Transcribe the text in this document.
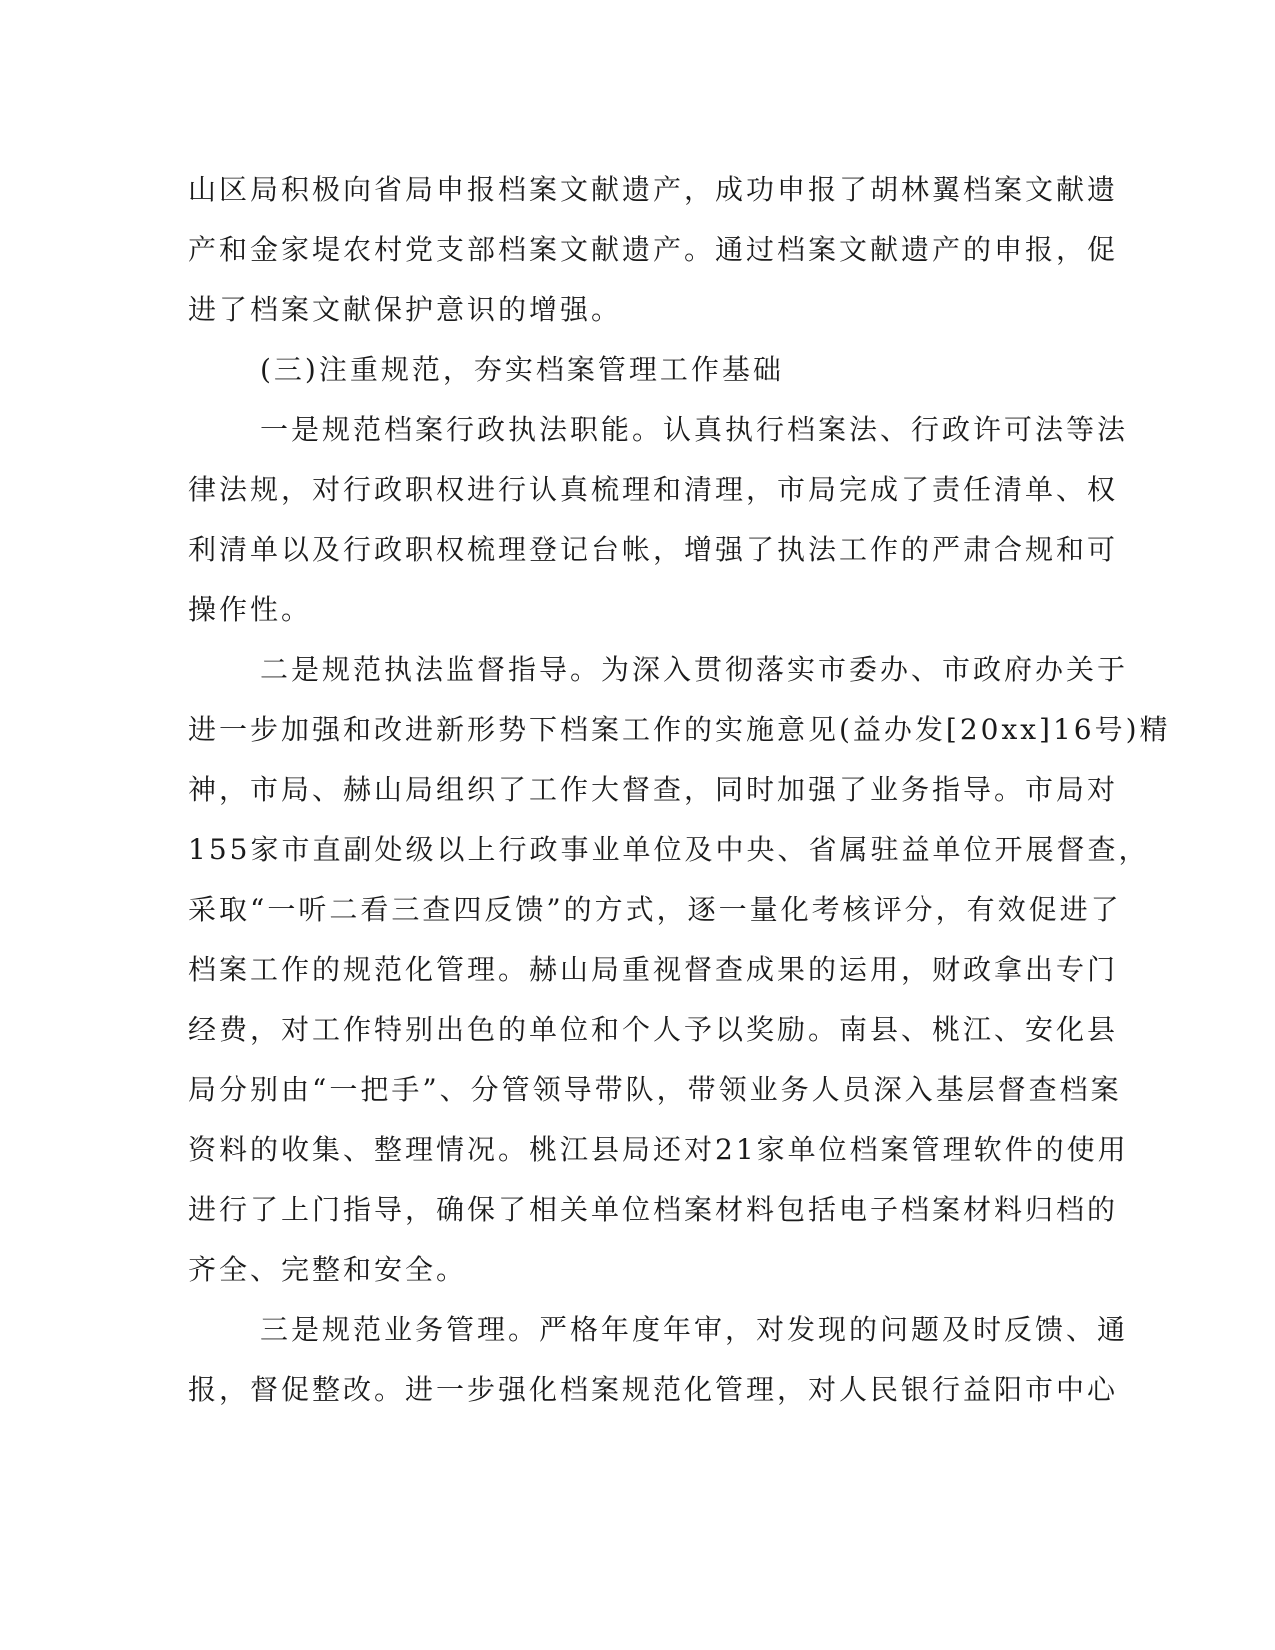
山区局积极向省局申报档案文献遗产，成功申报了胡林翼档案文献遗
产和金家堤农村党支部档案文献遗产。通过档案文献遗产的申报，促
进了档案文献保护意识的增强。
(三)注重规范，夯实档案管理工作基础
一是规范档案行政执法职能。认真执行档案法、行政许可法等法
律法规，对行政职权进行认真梳理和清理，市局完成了责任清单、权
利清单以及行政职权梳理登记台帐，增强了执法工作的严肃合规和可
操作性。
二是规范执法监督指导。为深入贯彻落实市委办、市政府办关于
进一步加强和改进新形势下档案工作的实施意见(益办发[20xx]16号)精
神，市局、赫山局组织了工作大督查，同时加强了业务指导。市局对
155家市直副处级以上行政事业单位及中央、省属驻益单位开展督查，
采取“一听二看三查四反馈”的方式，逐一量化考核评分，有效促进了
档案工作的规范化管理。赫山局重视督查成果的运用，财政拿出专门
经费，对工作特别出色的单位和个人予以奖励。南县、桃江、安化县
局分别由“一把手”、分管领导带队，带领业务人员深入基层督查档案
资料的收集、整理情况。桃江县局还对21家单位档案管理软件的使用
进行了上门指导，确保了相关单位档案材料包括电子档案材料归档的
齐全、完整和安全。
三是规范业务管理。严格年度年审，对发现的问题及时反馈、通
报，督促整改。进一步强化档案规范化管理，对人民银行益阳市中心
